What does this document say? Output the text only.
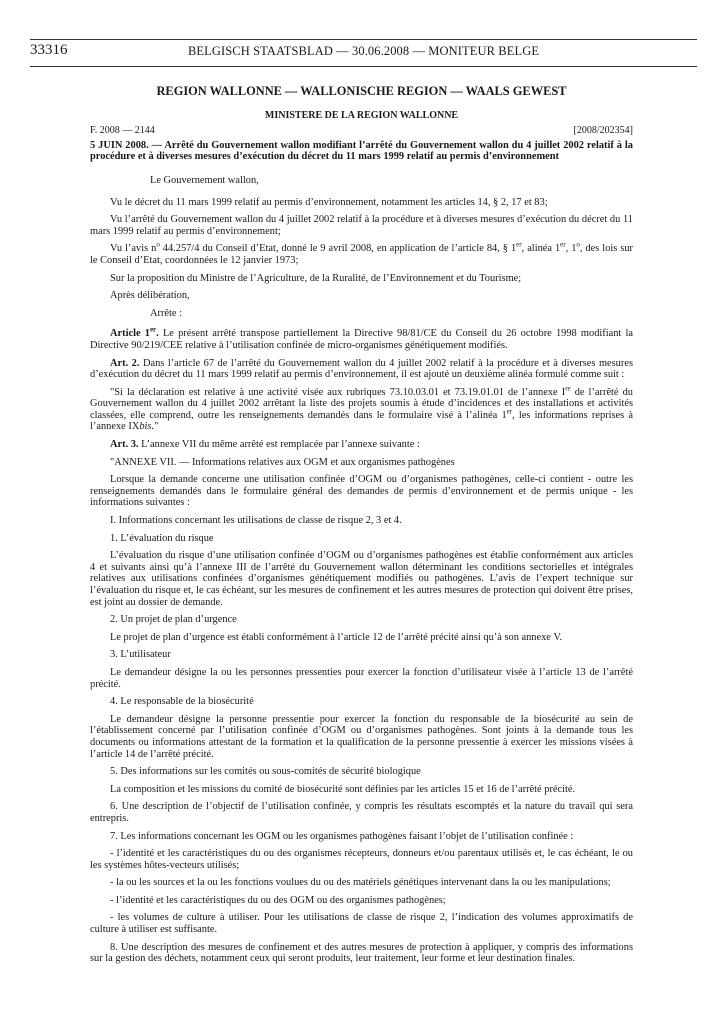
33316	BELGISCH STAATSBLAD — 30.06.2008 — MONITEUR BELGE
REGION WALLONNE — WALLONISCHE REGION — WAALS GEWEST
MINISTERE DE LA REGION WALLONNE
F. 2008 — 2144	[2008/202354]
5 JUIN 2008. — Arrêté du Gouvernement wallon modifiant l’arrêté du Gouvernement wallon du 4 juillet 2002 relatif à la procédure et à diverses mesures d’exécution du décret du 11 mars 1999 relatif au permis d’environnement

Le Gouvernement wallon,

Vu le décret du 11 mars 1999 relatif au permis d’environnement, notamment les articles 14, § 2, 17 et 83;

Vu l’arrêté du Gouvernement wallon du 4 juillet 2002 relatif à la procédure et à diverses mesures d’exécution du décret du 11 mars 1999 relatif au permis d’environnement;

Vu l’avis $n^o$ 44.257/4 du Conseil d’Etat, donné le 9 avril 2008, en application de l’article 84, § 1er, alinéa 1er, 1$^o$, des lois sur le Conseil d’Etat, coordonnées le 12 janvier 1973;

Sur la proposition du Ministre de l’Agriculture, de la Ruralité, de l’Environnement et du Tourisme;

Après délibération,

Arrête :

Article 1er. Le présent arrêté transpose partiellement la Directive 98/81/CE du Conseil du 26 octobre 1998 modifiant la Directive 90/219/CEE relative à l’utilisation confinée de micro-organismes génétiquement modifiés.

Art. 2. Dans l’article 67 de l’arrêté du Gouvernement wallon du 4 juillet 2002 relatif à la procédure et à diverses mesures d’exécution du décret du 11 mars 1999 relatif au permis d’environnement, il est ajouté un deuxième alinéa formulé comme suit :

"Si la déclaration est relative à une activité visée aux rubriques 73.10.03.01 et 73.19.01.01 de l’annexe Ire de l’arrêté du Gouvernement wallon du 4 juillet 2002 arrêtant la liste des projets soumis à étude d’incidences et des installations et activités classées, elle comprend, outre les renseignements demandés dans le formulaire visé à l’alinéa 1er, les informations reprises à l’annexe IXbis."

Art. 3. L’annexe VII du même arrêté est remplacée par l’annexe suivante :

"ANNEXE VII. — Informations relatives aux OGM et aux organismes pathogènes

Lorsque la demande concerne une utilisation confinée d’OGM ou d’organismes pathogènes, celle-ci contient - outre les renseignements demandés dans le formulaire général des demandes de permis d’environnement et de permis unique - les informations suivantes :

I. Informations concernant les utilisations de classe de risque 2, 3 et 4.

1. L’évaluation du risque

L’évaluation du risque d’une utilisation confinée d’OGM ou d’organismes pathogènes est établie conformément aux articles 4 et suivants ainsi qu’à l’annexe III de l’arrêté du Gouvernement wallon déterminant les conditions sectorielles et intégrales relatives aux utilisations confinées d’organismes génétiquement modifiés ou pathogènes. L’avis de l’expert technique sur l’évaluation du risque et, le cas échéant, sur les mesures de confinement et les autres mesures de protection qui doivent être prises, est joint au dossier de demande.

2. Un projet de plan d’urgence

Le projet de plan d’urgence est établi conformément à l’article 12 de l’arrêté précité ainsi qu’à son annexe V.

3. L’utilisateur

Le demandeur désigne la ou les personnes pressenties pour exercer la fonction d’utilisateur visée à l’article 13 de l’arrêté précité.

4. Le responsable de la biosécurité

Le demandeur désigne la personne pressentie pour exercer la fonction du responsable de la biosécurité au sein de l’établissement concerné par l’utilisation confinée d’OGM ou d’organismes pathogènes. Sont joints à la demande tous les documents ou informations attestant de la formation et la qualification de la personne pressentie à exercer les missions visées à l’article 14 de l’arrêté précité.

5. Des informations sur les comités ou sous-comités de sécurité biologique

La composition et les missions du comité de biosécurité sont définies par les articles 15 et 16 de l’arrêté précité.

6. Une description de l’objectif de l’utilisation confinée, y compris les résultats escomptés et la nature du travail qui sera entrepris.

7. Les informations concernant les OGM ou les organismes pathogènes faisant l’objet de l’utilisation confinée :

- l’identité et les caractéristiques du ou des organismes récepteurs, donneurs et/ou parentaux utilisés et, le cas échéant, le ou les systèmes hôtes-vecteurs utilisés;

- la ou les sources et la ou les fonctions voulues du ou des matériels génétiques intervenant dans la ou les manipulations;

- l’identité et les caractéristiques du ou des OGM ou des organismes pathogènes;

- les volumes de culture à utiliser. Pour les utilisations de classe de risque 2, l’indication des volumes approximatifs de culture à utiliser est suffisante.

8. Une description des mesures de confinement et des autres mesures de protection à appliquer, y compris des informations sur la gestion des déchets, notamment ceux qui seront produits, leur traitement, leur forme et leur destination finales.
